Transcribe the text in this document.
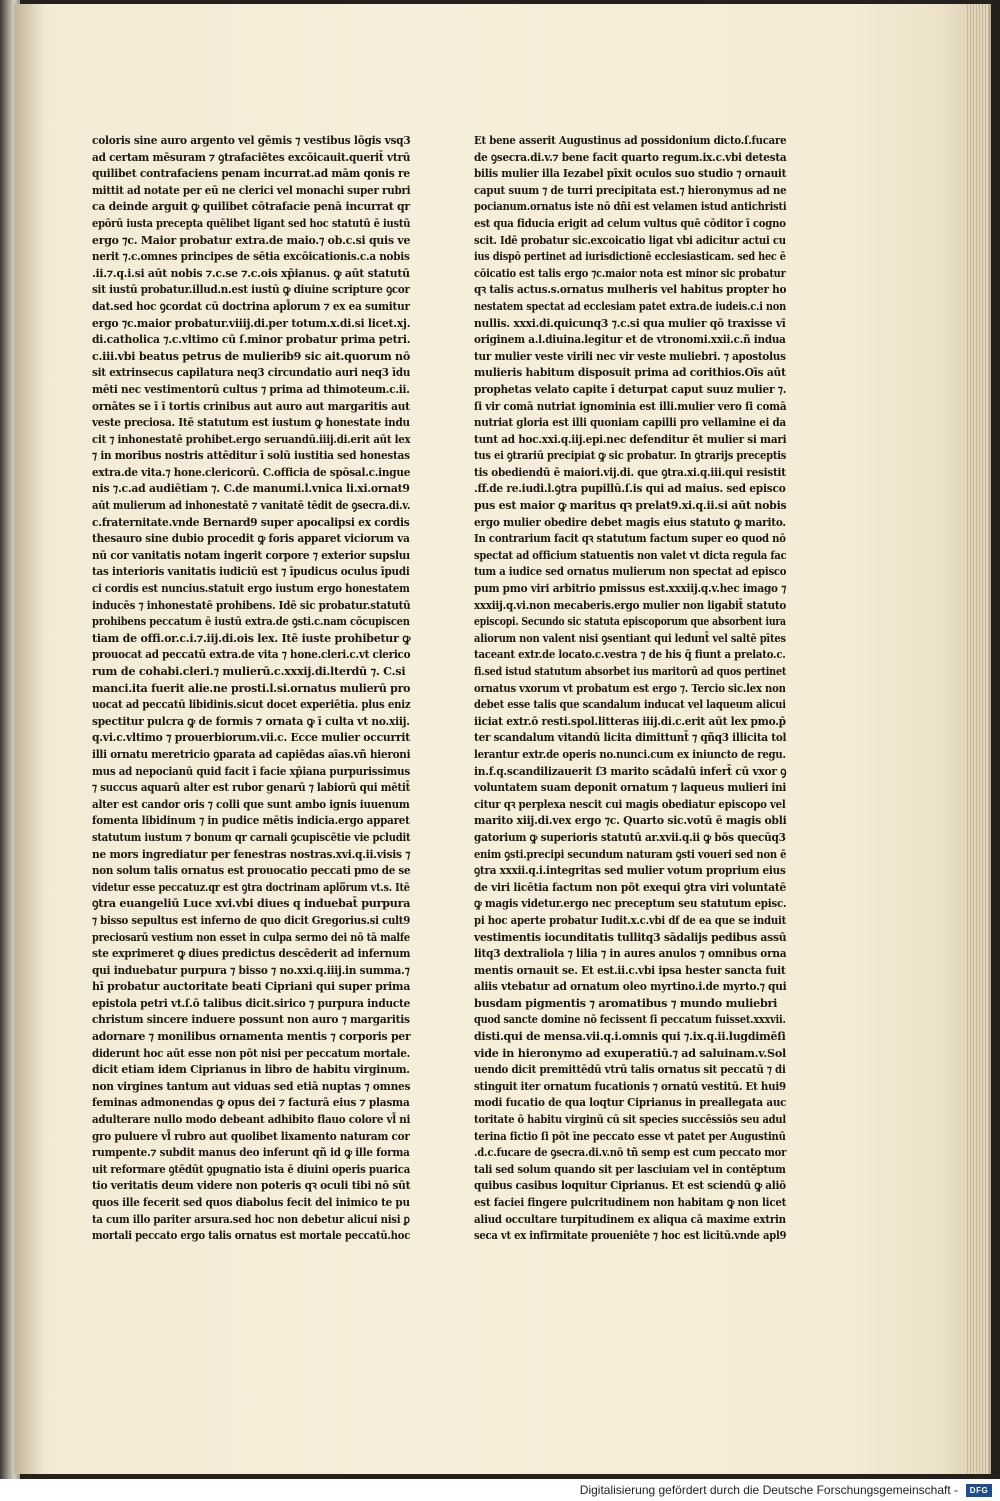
coloris sine auro argento vel gēmis ⁊ vestibus lōgis vsq3
ad certam mēsuram ⁊ ꝯtrafaciētes excōicauit.querit̄ vtrū
quilibet contrafaciens penam incurrat.ad mām qonis re
mittit ad notate per eū ne clerici vel monachi super rubri
ca deinde arguit ꝙ quilibet cōtrafacie penā incurrat qr
epōrū iusta precepta quēlibet ligant sed hoc statutū ē iustū
ergo ⁊c. Maior probatur extra.de maio.⁊ ob.c.si quis ve
nerit ⁊.c.omnes principes de sētia excōicationis.c.a nobis
.ii.⁊.q.i.si aūt nobis ⁊.c.se ⁊.c.ois xp̄ianus. ꝙ aūt statutū
sit iustū probatur.illud.n.est iustū ꝙ diuine scripture ꝯcor
dat.sed hoc ꝯcordat cū doctrina apl̄orum ⁊ ex ea sumitur
ergo ⁊c.maior probatur.viiij.di.per totum.x.di.si licet.xj.
di.catholica ⁊.c.vltimo cū ſ.minor probatur prima petri.
c.iii.vbi beatus petrus de mulierib9 sic ait.quorum nō
sit extrinsecus capilatura neq3 circundatio auri neq3 īdu
mēti nec vestimentorū cultus ⁊ prima ad thimoteum.c.ii.
ornātes se ī ī tortis crinibus aut auro aut margaritis aut
veste preciosa. Itē statutum est iustum ꝙ honestate indu
cit ⁊ inhonestatē prohibet.ergo seruandū.iiij.di.erit aūt lex
⁊ in moribus nostris attēditur ī solū iustitia sed honestas
extra.de vita.⁊ hone.clericorū. C.officia de spōsal.c.ingue
nis ⁊.c.ad audiētiam ⁊. C.de manumi.l.vnica li.xi.ornat9
aūt mulierum ad inhonestatē ⁊ vanitatē tēdit de ꝯsecra.di.v.
c.fraternitate.vnde Bernard9 super apocalipsi ex cordis
thesauro sine dubio procedit ꝙ foris apparet viciorum va
nū cor vanitatis notam ingerit corpore ⁊ exterior supsluı
tas interioris vanitatis iudiciū est ⁊ īpudicus oculus īpudi
ci cordis est nuncius.statuit ergo iustum ergo honestatem
inducēs ⁊ inhonestatē prohibens. Idē sic probatur.statutū
prohibens peccatum ē iustū extra.de ꝯsti.c.nam cōcupiscen
tiam de offi.or.c.i.⁊.iij.di.ois lex. Itē iuste prohibetur ꝙ
prouocat ad peccatū extra.de vita ⁊ hone.cleri.c.vt clerico
rum de cohabi.cleri.⁊ mulierū.c.xxxij.di.lterdū ⁊. C.si
manci.ita fuerit alie.ne prosti.l.si.ornatus mulierū pro
uocat ad peccatū libidinis.sicut docet experiētia. plus eniz
spectitur pulcra ꝙ de formis ⁊ ornata ꝙ ī culta vt no.xiij.
q.vi.c.vltimo ⁊ prouerbiorum.vii.c. Ecce mulier occurrit
illi ornatu meretricio ꝯparata ad capiēdas aīas.vñ hieroni
mus ad nepocianū quid facit ī facie xp̄iana purpurissimus
⁊ succus aquarū alter est rubor genarū ⁊ labiorū qui mētit̄
alter est candor oris ⁊ colli que sunt ambo ignis iuuenum
fomenta libidinum ⁊ in pudice mētis indicia.ergo apparet
statutum iustum ⁊ bonum qr carnali ꝯcupiscētie vie pcludit
ne mors ingrediatur per fenestras nostras.xvi.q.ii.visis ⁊
non solum talis ornatus est prouocatio peccati pmo de se
videtur esse peccatuz.qr est ꝯtra doctrinam aplo̅rum vt.s. Itē
ꝯtra euangeliū Luce xvi.vbi diues q induebat̄ purpura
⁊ bisso sepultus est inferno de quo dicit Gregorius.si cult9
preciosarū vestium non esset in culpa sermo dei nō tā malfe
ste exprimeret ꝙ diues predictus descēderit ad infernum
qui induebatur purpura ⁊ bisso ⁊ no.xxi.q.iiij.in summa.⁊
hī probatur auctoritate beati Cipriani qui super prima
epistola petri vt.ſ.ō talibus dicit.sirico ⁊ purpura inducte
christum sincere induere possunt non auro ⁊ margaritis
adornare ⁊ monilibus ornamenta mentis ⁊ corporis per
diderunt hoc aūt esse non pōt nisi per peccatum mortale.
dicit etiam idem Ciprianus in libro de habitu virginum.
non virgines tantum aut viduas sed etiā nuptas ⁊ omnes
feminas admonendas ꝙ opus dei ⁊ facturā eius ⁊ plasma
adulterare nullo modo debeant adhibito flauo colore vl̄ ni
gro puluere vl̄ rubro aut quolibet lixamento naturam cor
rumpente.⁊ subdit manus deo inferunt qñ id ꝙ ille forma
uit reformare ꝯtēdūt ꝯpugnatio ista ē diuini operis puarica
tio veritatis deum videre non poteris qꝛ oculi tibi nō sūt
quos ille fecerit sed quos diabolus fecit del inimico te pu
ta cum illo pariter arsura.sed hoc non debetur alicui nisi ꝑ
mortali peccato ergo talis ornatus est mortale peccatū.hoc
Et bene asserit Augustinus ad possidonium dicto.ſ.fucare
de ꝯsecra.di.v.⁊ bene facit quarto regum.ix.c.vbi detesta
bilis mulier illa Iezabel pīxit oculos suo studio ⁊ ornauit
caput suum ⁊ de turri precipitata est.⁊ hieronymus ad ne
pocianum.ornatus iste nō dñi est velamen istud antichristi
est qua fiducia erigit ad celum vultus quē cōditor ī cogno
scit. Idē probatur sic.excoicatio ligat vbi adicitur actui cu
ius dispō pertinet ad iurisdictionē ecclesiasticam. sed hec ē
cōicatio est talis ergo ⁊c.maior nota est minor sic probatur
qꝛ talis actus.s.ornatus mulheris vel habitus propter ho
nestatem spectat ad ecclesiam patet extra.de iudeis.c.i non
nullis. xxxi.di.quicunq3 ⁊.c.si qua mulier qō traxisse vī
originem a.l.diuina.legitur et de vtronomi.xxii.c.ñ indua
tur mulier veste virili nec vir veste muliebri. ⁊ apostolus
mulieris habitum disposuit prima ad corithios.Oīs aūt
prophetas velato capite ī deturpat caput suuz mulier ⁊.
ſi vir comā nutriat ignominia est illi.mulier vero ſi comā
nutriat gloria est illi quoniam capilli pro vellamine ei da
tunt ad hoc.xxi.q.iij.epi.nec defenditur ēt mulier si mari
tus ei ꝯtrariū precipiat ꝙ sic probatur. In ꝯtrarijs preceptis
tis obediendū ē maiori.vij.di. que ꝯtra.xi.q.iii.qui resistit
.ff.de re.iudi.l.ꝯtra pupillū.ſ.is qui ad maius. sed episco
pus est maior ꝙ maritus qꝛ prelat9.xi.q.ii.si aūt nobis
ergo mulier obedire debet magis eius statuto ꝙ marito.
In contrarium facit qꝛ statutum factum super eo quod nō
spectat ad officium statuentis non valet vt dicta regula fac
tum a iudice sed ornatus mulierum non spectat ad episco
pum pmo viri arbitrio pmissus est.xxxiij.q.v.hec imago ⁊
xxxiij.q.vi.non mecaberis.ergo mulier non ligabit̄ statuto
episcopi. Secundo sic statuta episcoporum que absorbent iura
aliorum non valent nisi ꝯsentiant qui ledunt̄ vel saltē pītes
taceant extr.de locato.c.vestra ⁊ de his q̄ fiunt a prelato.c.
fi.sed istud statutum absorbet ius maritorū ad quos pertinet
ornatus vxorum vt probatum est ergo ⁊. Tercio sic.lex non
debet esse talis que scandalum inducat vel laqueum alicui
iiciat extr.ō resti.spol.litteras iiij.di.c.erit aūt lex pmo.p̄
ter scandalum vitandū licita dimittunt̄ ⁊ qñq3 illicita tol
lerantur extr.de operis no.nunci.cum ex iniuncto de regu.
in.f.q.scandilizauerit ſ3 marito scādalū infert̄ cū vxor ꝯ
voluntatem suam deponit ornatum ⁊ laqueus mulieri ini
citur qꝛ perplexa nescit cui magis obediatur episcopo vel
marito xiij.di.vex ergo ⁊c. Quarto sic.votū ē magis obli
gatorium ꝙ superioris statutū ar.xvii.q.ii ꝙ bōs quecūq3
enim ꝯsti.precipi secundum naturam ꝯsti voueri sed non ē
ꝯtra xxxii.q.i.integritas sed mulier votum proprium eius
de viri licētia factum non pōt exequi ꝯtra viri voluntatē
ꝙ magis videtur.ergo nec preceptum seu statutum episc.
pi hoc aperte probatur Iudit.x.c.vbi df de ea que se induit
vestimentis iocunditatis tullitq3 sādalijs pedibus assū
litq3 dextraliola ⁊ lilia ⁊ in aures anulos ⁊ omnibus orna
mentis ornauit se. Et est.ii.c.vbi ipsa hester sancta fuit
aliis vtebatur ad ornatum oleo myrtino.i.de myrto.⁊ qui
busdam pigmentis ⁊ aromatibus ⁊ mundo muliebri
quod sancte domine nō fecissent ſi peccatum fuisset.xxxvii.
disti.qui de mensa.vii.q.i.omnis qui ⁊.ix.q.ii.lugdimēſi
vide in hieronymo ad exuperatiū.⁊ ad saluinam.v.Sol
uendo dicit premittēdū vtrū talis ornatus sit peccatū ⁊ di
stinguit iter ornatum fucationis ⁊ ornatū vestitū. Et hui9
modi fucatio de qua loqtur Ciprianus in preallegata auc
toritate ō habitu virginū cū sit species succēssiōs seu adul
terina fictio ſi pōt īne peccato esse vt patet per Augustinū
.d.c.fucare de ꝯsecra.di.v.nō tñ semp est cum peccato mor
tali sed solum quando sit per lasciuiam vel in contēptum
quibus casibus loquitur Ciprianus. Et est sciendū ꝙ aliō
est faciei fingere pulcritudinem non habitam ꝙ non licet
aliud occultare turpitudinem ex aliqua cā maxime extrin
seca vt ex infirmitate proueniēte ⁊ hoc est licitū.vnde apl9
Digitalisierung gefördert durch die Deutsche Forschungsgemeinschaft -	DFG
